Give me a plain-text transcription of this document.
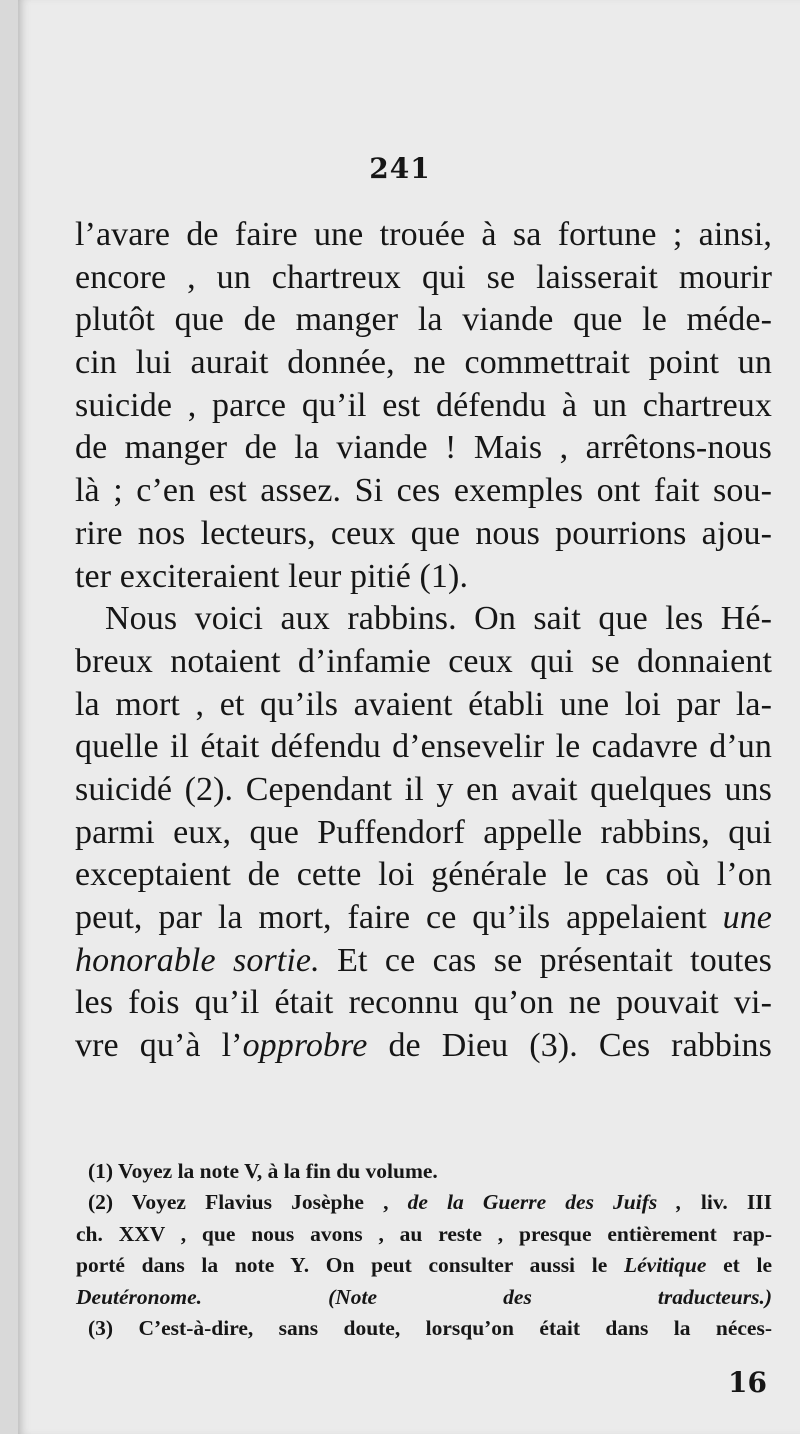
241
l’avare de faire une trouée à sa fortune ; ainsi,
encore , un chartreux qui se laisserait mourir
plutôt que de manger la viande que le méde-
cin lui aurait donnée, ne commettrait point un
suicide , parce qu’il est défendu à un chartreux
de manger de la viande ! Mais , arrêtons-nous
là ; c’en est assez. Si ces exemples ont fait sou-
rire nos lecteurs, ceux que nous pourrions ajou-
ter exciteraient leur pitié (1).
Nous voici aux rabbins. On sait que les Hé-
breux notaient d’infamie ceux qui se donnaient
la mort , et qu’ils avaient établi une loi par la-
quelle il était défendu d’ensevelir le cadavre d’un
suicidé (2). Cependant il y en avait quelques uns
parmi eux, que Puffendorf appelle rabbins, qui
exceptaient de cette loi générale le cas où l’on
peut, par la mort, faire ce qu’ils appelaient une
honorable sortie. Et ce cas se présentait toutes
les fois qu’il était reconnu qu’on ne pouvait vi-
vre qu’à l’opprobre de Dieu (3). Ces rabbins
(1) Voyez la note V, à la fin du volume.
(2) Voyez Flavius Josèphe , de la Guerre des Juifs , liv. III
ch. XXV , que nous avons , au reste , presque entièrement rap-
porté dans la note Y. On peut consulter aussi le Lévitique et le
Deutéronome.	(Note des traducteurs.)
(3) C’est-à-dire, sans doute, lorsqu’on était dans la néces-
16
